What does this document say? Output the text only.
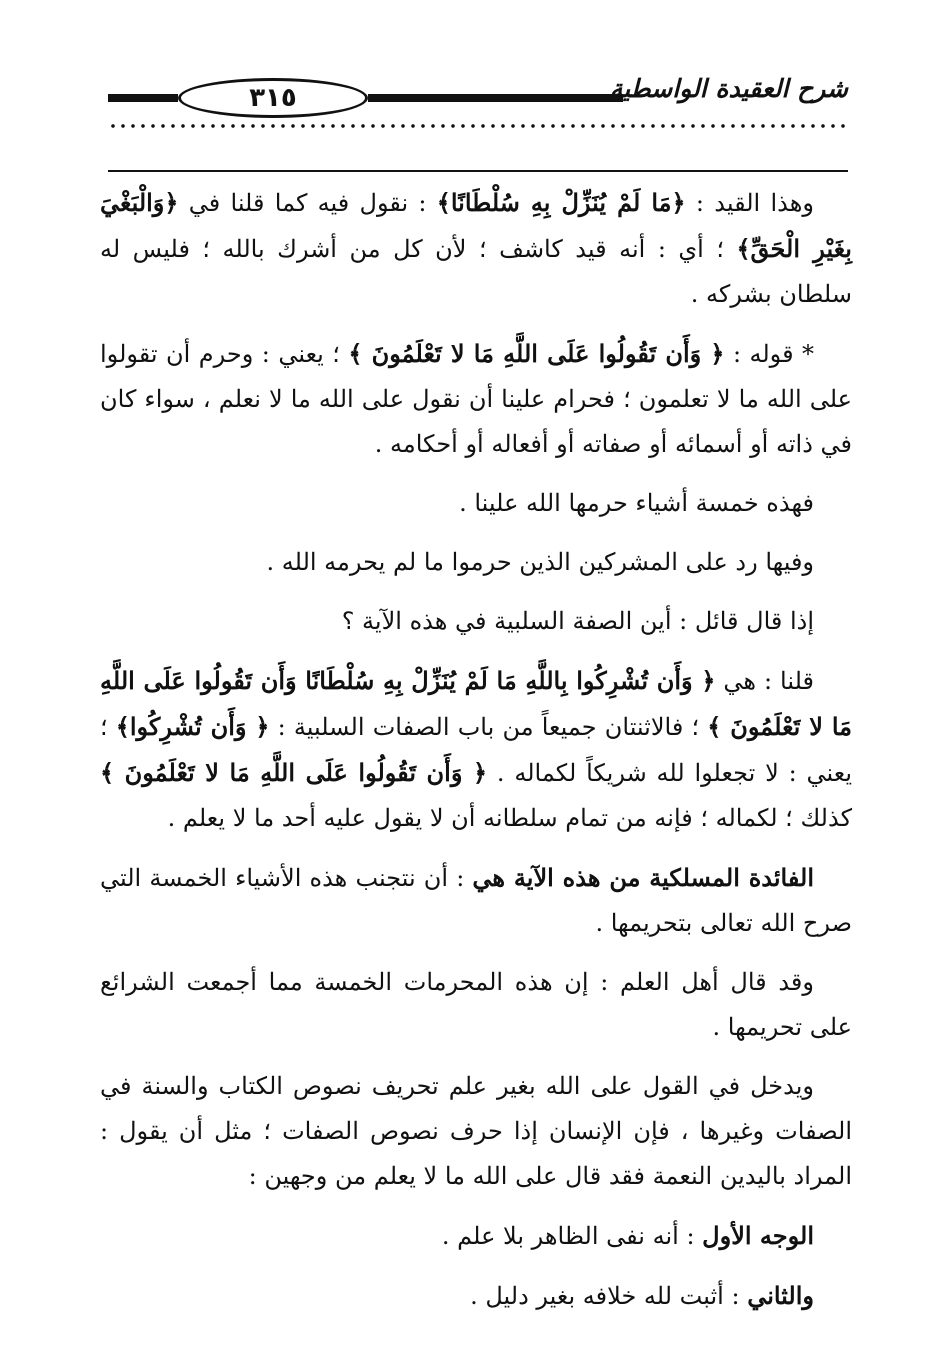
٣١٥	شرح العقيدة الواسطية

وهذا القيد : ﴿مَا لَمْ يُنَزِّلْ بِهِ سُلْطَانًا﴾ : نقول فيه كما قلنا في ﴿وَالْبَغْيَ بِغَيْرِ الْحَقِّ﴾ ؛ أي : أنه قيد كاشف ؛ لأن كل من أشرك بالله ؛ فليس له سلطان بشركه .

* قوله : ﴿ وَأَن تَقُولُوا عَلَى اللَّهِ مَا لا تَعْلَمُونَ ﴾ ؛ يعني : وحرم أن تقولوا على الله ما لا تعلمون ؛ فحرام علينا أن نقول على الله ما لا نعلم ، سواء كان في ذاته أو أسمائه أو صفاته أو أفعاله أو أحكامه .

فهذه خمسة أشياء حرمها الله علينا .

وفيها رد على المشركين الذين حرموا ما لم يحرمه الله .

إذا قال قائل : أين الصفة السلبية في هذه الآية ؟

قلنا : هي ﴿ وَأَن تُشْرِكُوا بِاللَّهِ مَا لَمْ يُنَزِّلْ بِهِ سُلْطَانًا وَأَن تَقُولُوا عَلَى اللَّهِ مَا لا تَعْلَمُونَ ﴾ ؛ فالاثنتان جميعاً من باب الصفات السلبية : ﴿ وَأَن تُشْرِكُوا﴾ ؛ يعني : لا تجعلوا لله شريكاً لكماله . ﴿ وَأَن تَقُولُوا عَلَى اللَّهِ مَا لا تَعْلَمُونَ ﴾ كذلك ؛ لكماله ؛ فإنه من تمام سلطانه أن لا يقول عليه أحد ما لا يعلم .

الفائدة المسلكية من هذه الآية هي : أن نتجنب هذه الأشياء الخمسة التي صرح الله تعالى بتحريمها .

وقد قال أهل العلم : إن هذه المحرمات الخمسة مما أجمعت الشرائع على تحريمها .

ويدخل في القول على الله بغير علم تحريف نصوص الكتاب والسنة في الصفات وغيرها ، فإن الإنسان إذا حرف نصوص الصفات ؛ مثل أن يقول : المراد باليدين النعمة فقد قال على الله ما لا يعلم من وجهين :

الوجه الأول : أنه نفى الظاهر بلا علم .

والثاني : أثبت لله خلافه بغير دليل .
